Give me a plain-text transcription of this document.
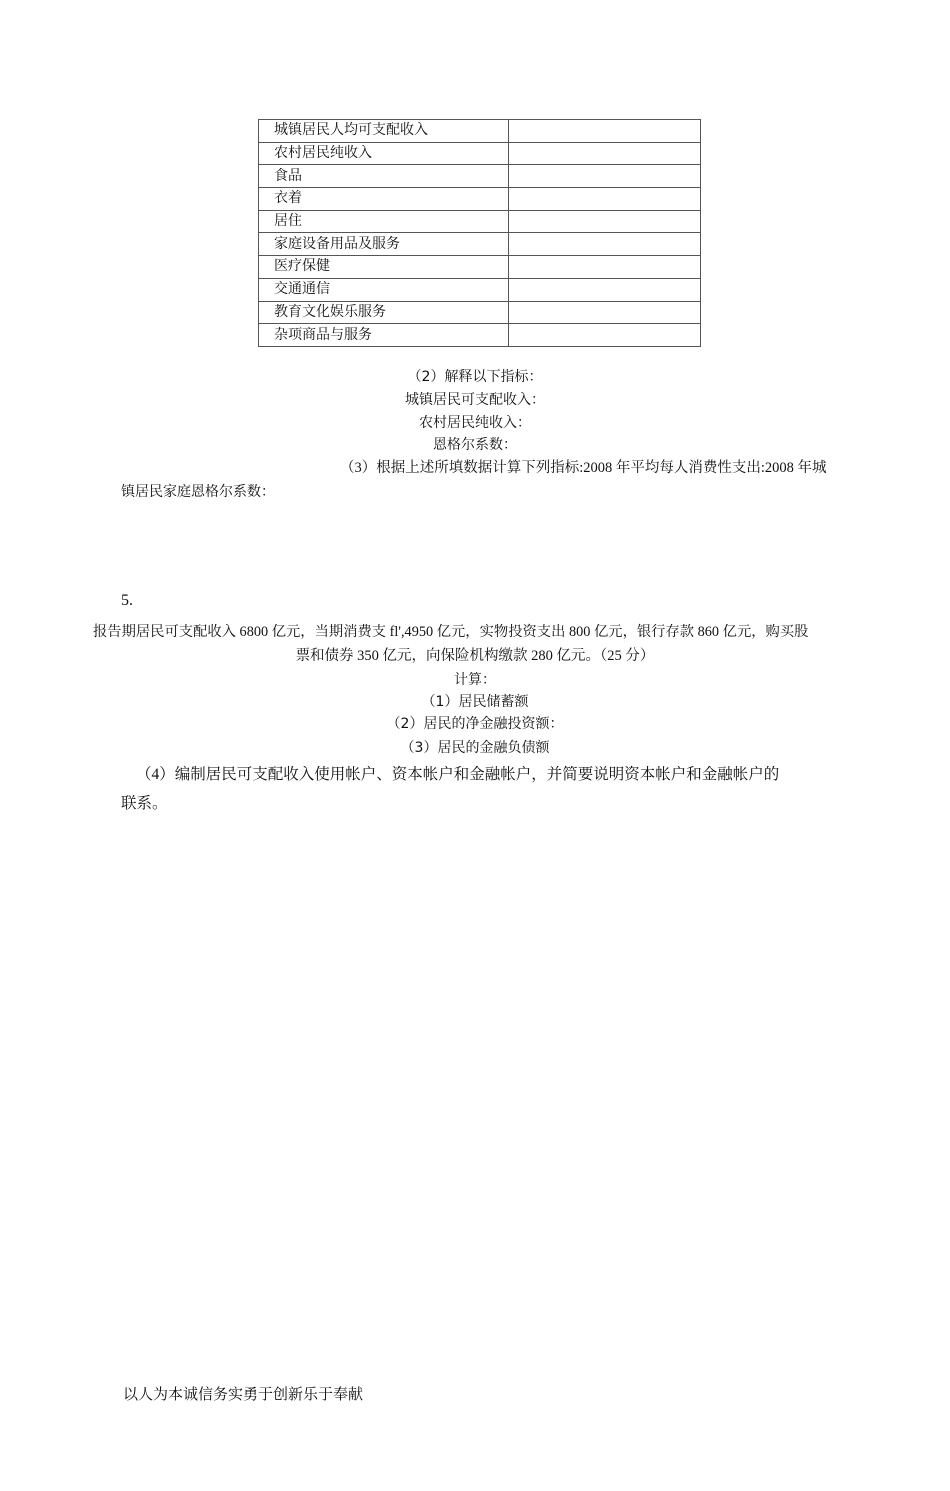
城镇居民人均可支配收入	
农村居民纯收入	
食品	
衣着	
居住	
家庭设备用品及服务	
医疗保健	
交通通信	
教育文化娱乐服务	
杂项商品与服务	
（2）解释以下指标：
城镇居民可支配收入：
农村居民纯收入：
恩格尔系数：
（3）根据上述所填数据计算下列指标:2008 年平均每人消费性支出:2008 年城
镇居民家庭恩格尔系数：
5.
报告期居民可支配收入 6800 亿元，当期消费支 fl',4950 亿元，实物投资支出 800 亿元，银行存款 860 亿元，购买股
票和债券 350 亿元，向保险机构缴款 280 亿元。（25 分）
计算：
（1）居民储蓄额
（2）居民的净金融投资额：
（3）居民的金融负债额
（4）编制居民可支配收入使用帐户、资本帐户和金融帐户，并简要说明资本帐户和金融帐户的
联系。
以人为本诚信务实勇于创新乐于奉献
